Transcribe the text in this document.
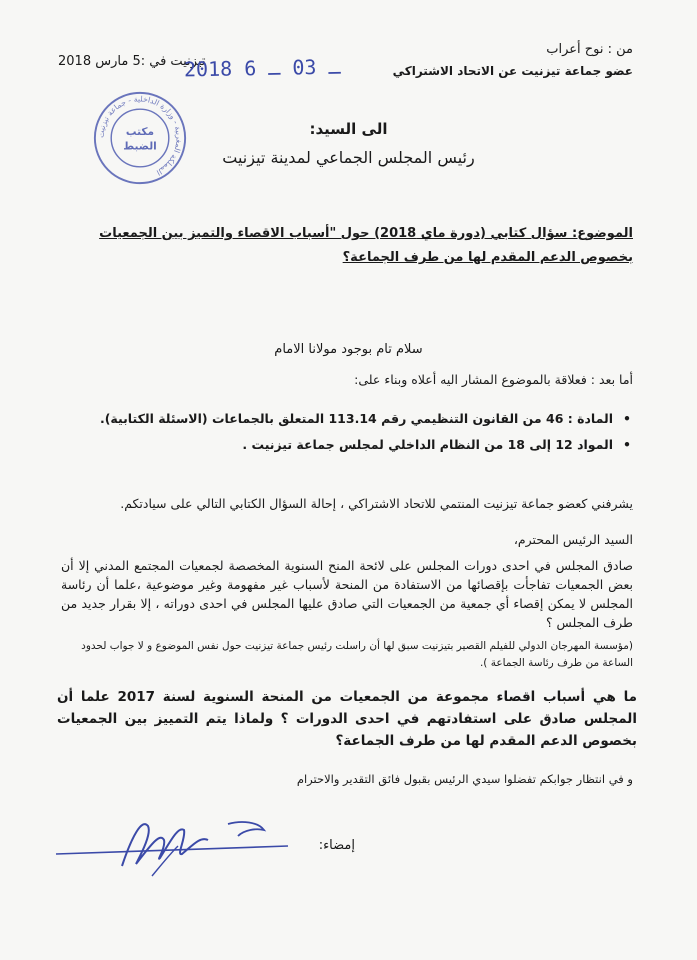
من : نوح أعراب
عضو جماعة تيزنيت عن الاتحاد الاشتراكي
تيزنيت في :5 مارس 2018
2018 ـ 03 ـ 6
المملكة المغربية - وزارة الداخلية - جماعة تيزنيت
مكتب
الضبط
الى السيد:
رئيس المجلس الجماعي لمدينة تيزنيت
الموضوع: سؤال كتابي (دورة ماي 2018) حول "أسباب الاقصاء والتميز بين الجمعيات بخصوص الدعم المقدم لها من طرف الجماعة؟
سلام تام بوجود مولانا الامام
أما بعد : فعلاقة بالموضوع المشار اليه أعلاه وبناء على:
• المادة : 46 من القانون التنظيمي رقم 113.14 المتعلق بالجماعات (الاسئلة الكتابية).
• المواد 12 إلى 18 من النظام الداخلي لمجلس جماعة تيزنيت .
يشرفني كعضو جماعة تيزنيت المنتمي للاتحاد الاشتراكي ، إحالة السؤال الكتابي التالي على سيادتكم.
السيد الرئيس المحترم،
صادق المجلس في احدى دورات المجلس على لائحة المنح السنوية المخصصة لجمعيات المجتمع المدني إلا أن بعض الجمعيات تفاجأت بإقصائها من الاستفادة من المنحة لأسباب غير مفهومة وغير موضوعية ،علما أن رئاسة المجلس لا يمكن إقصاء أي جمعية من الجمعيات التي صادق عليها المجلس في احدى دوراته ، إلا بقرار جديد من طرف المجلس ؟
(مؤسسة المهرجان الدولي للفيلم القصير بتيزنيت سبق لها أن راسلت رئيس جماعة تيزنيت حول نفس الموضوع و لا جواب لحدود الساعة من طرف رئاسة الجماعة ).
ما هي أسباب اقصاء مجموعة من الجمعيات من المنحة السنوية لسنة 2017 علما أن المجلس صادق على استفادتهم في احدى الدورات ؟ ولماذا يتم التمييز بين الجمعيات بخصوص الدعم المقدم لها من طرف الجماعة؟
و في انتظار جوابكم تفضلوا سيدي الرئيس بقبول فائق التقدير والاحترام
إمضاء:
